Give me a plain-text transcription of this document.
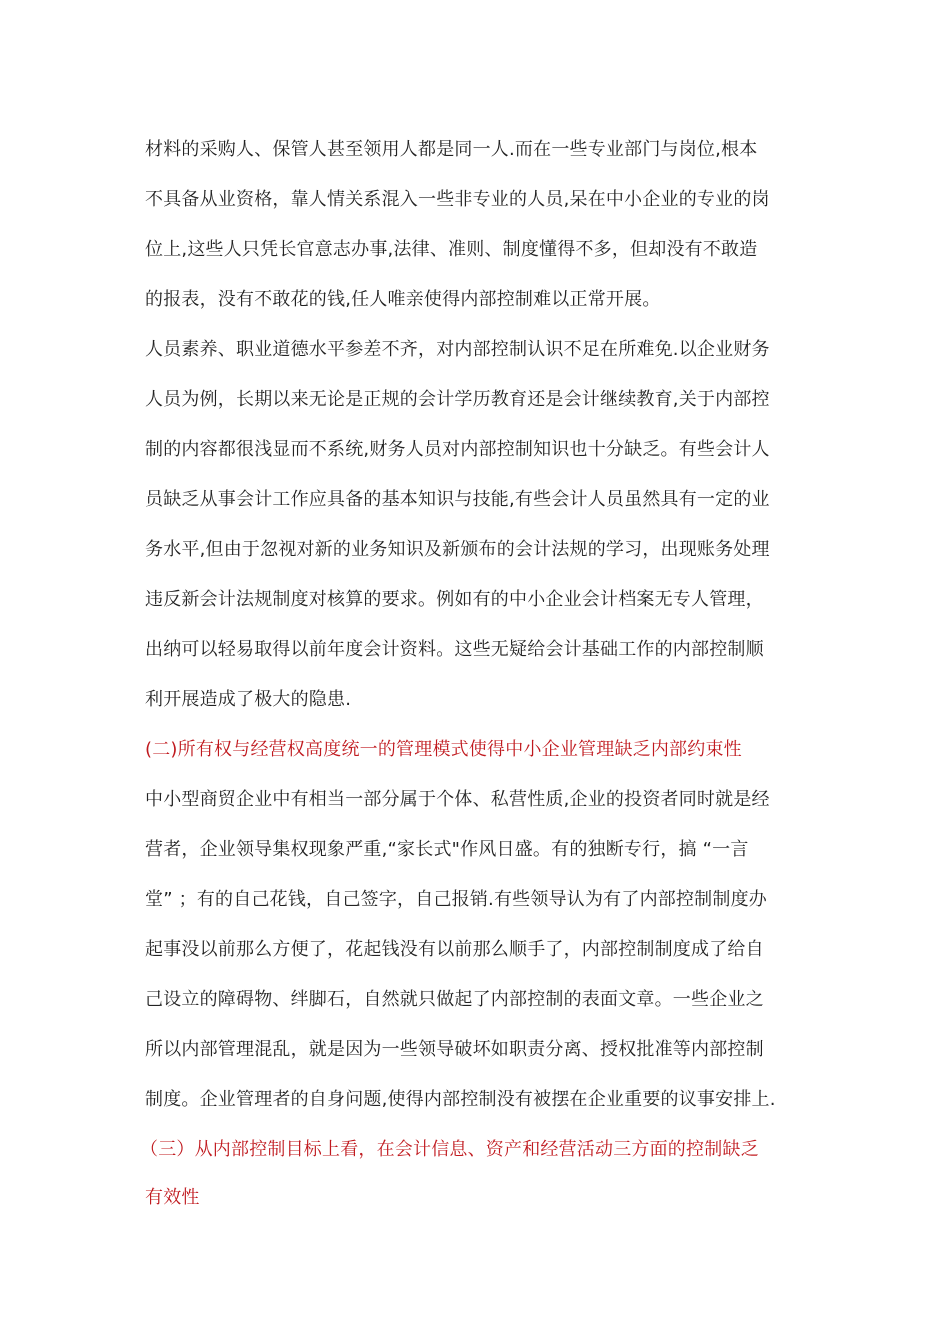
材料的采购人、保管人甚至领用人都是同一人.而在一些专业部门与岗位,根本
不具备从业资格，靠人情关系混入一些非专业的人员,呆在中小企业的专业的岗
位上,这些人只凭长官意志办事,法律、准则、制度懂得不多，但却没有不敢造
的报表，没有不敢花的钱,任人唯亲使得内部控制难以正常开展。
人员素养、职业道德水平参差不齐，对内部控制认识不足在所难免.以企业财务
人员为例，长期以来无论是正规的会计学历教育还是会计继续教育,关于内部控
制的内容都很浅显而不系统,财务人员对内部控制知识也十分缺乏。有些会计人
员缺乏从事会计工作应具备的基本知识与技能,有些会计人员虽然具有一定的业
务水平,但由于忽视对新的业务知识及新颁布的会计法规的学习，出现账务处理
违反新会计法规制度对核算的要求。例如有的中小企业会计档案无专人管理，
出纳可以轻易取得以前年度会计资料。这些无疑给会计基础工作的内部控制顺
利开展造成了极大的隐患.
(二)所有权与经营权高度统一的管理模式使得中小企业管理缺乏内部约束性
中小型商贸企业中有相当一部分属于个体、私营性质,企业的投资者同时就是经
营者，企业领导集权现象严重,“家长式"作风日盛。有的独断专行，搞 “一言
堂” ；有的自己花钱，自己签字，自己报销.有些领导认为有了内部控制制度办
起事没以前那么方便了，花起钱没有以前那么顺手了，内部控制制度成了给自
己设立的障碍物、绊脚石，自然就只做起了内部控制的表面文章。一些企业之
所以内部管理混乱，就是因为一些领导破坏如职责分离、授权批准等内部控制
制度。企业管理者的自身问题,使得内部控制没有被摆在企业重要的议事安排上.
（三）从内部控制目标上看，在会计信息、资产和经营活动三方面的控制缺乏
有效性
